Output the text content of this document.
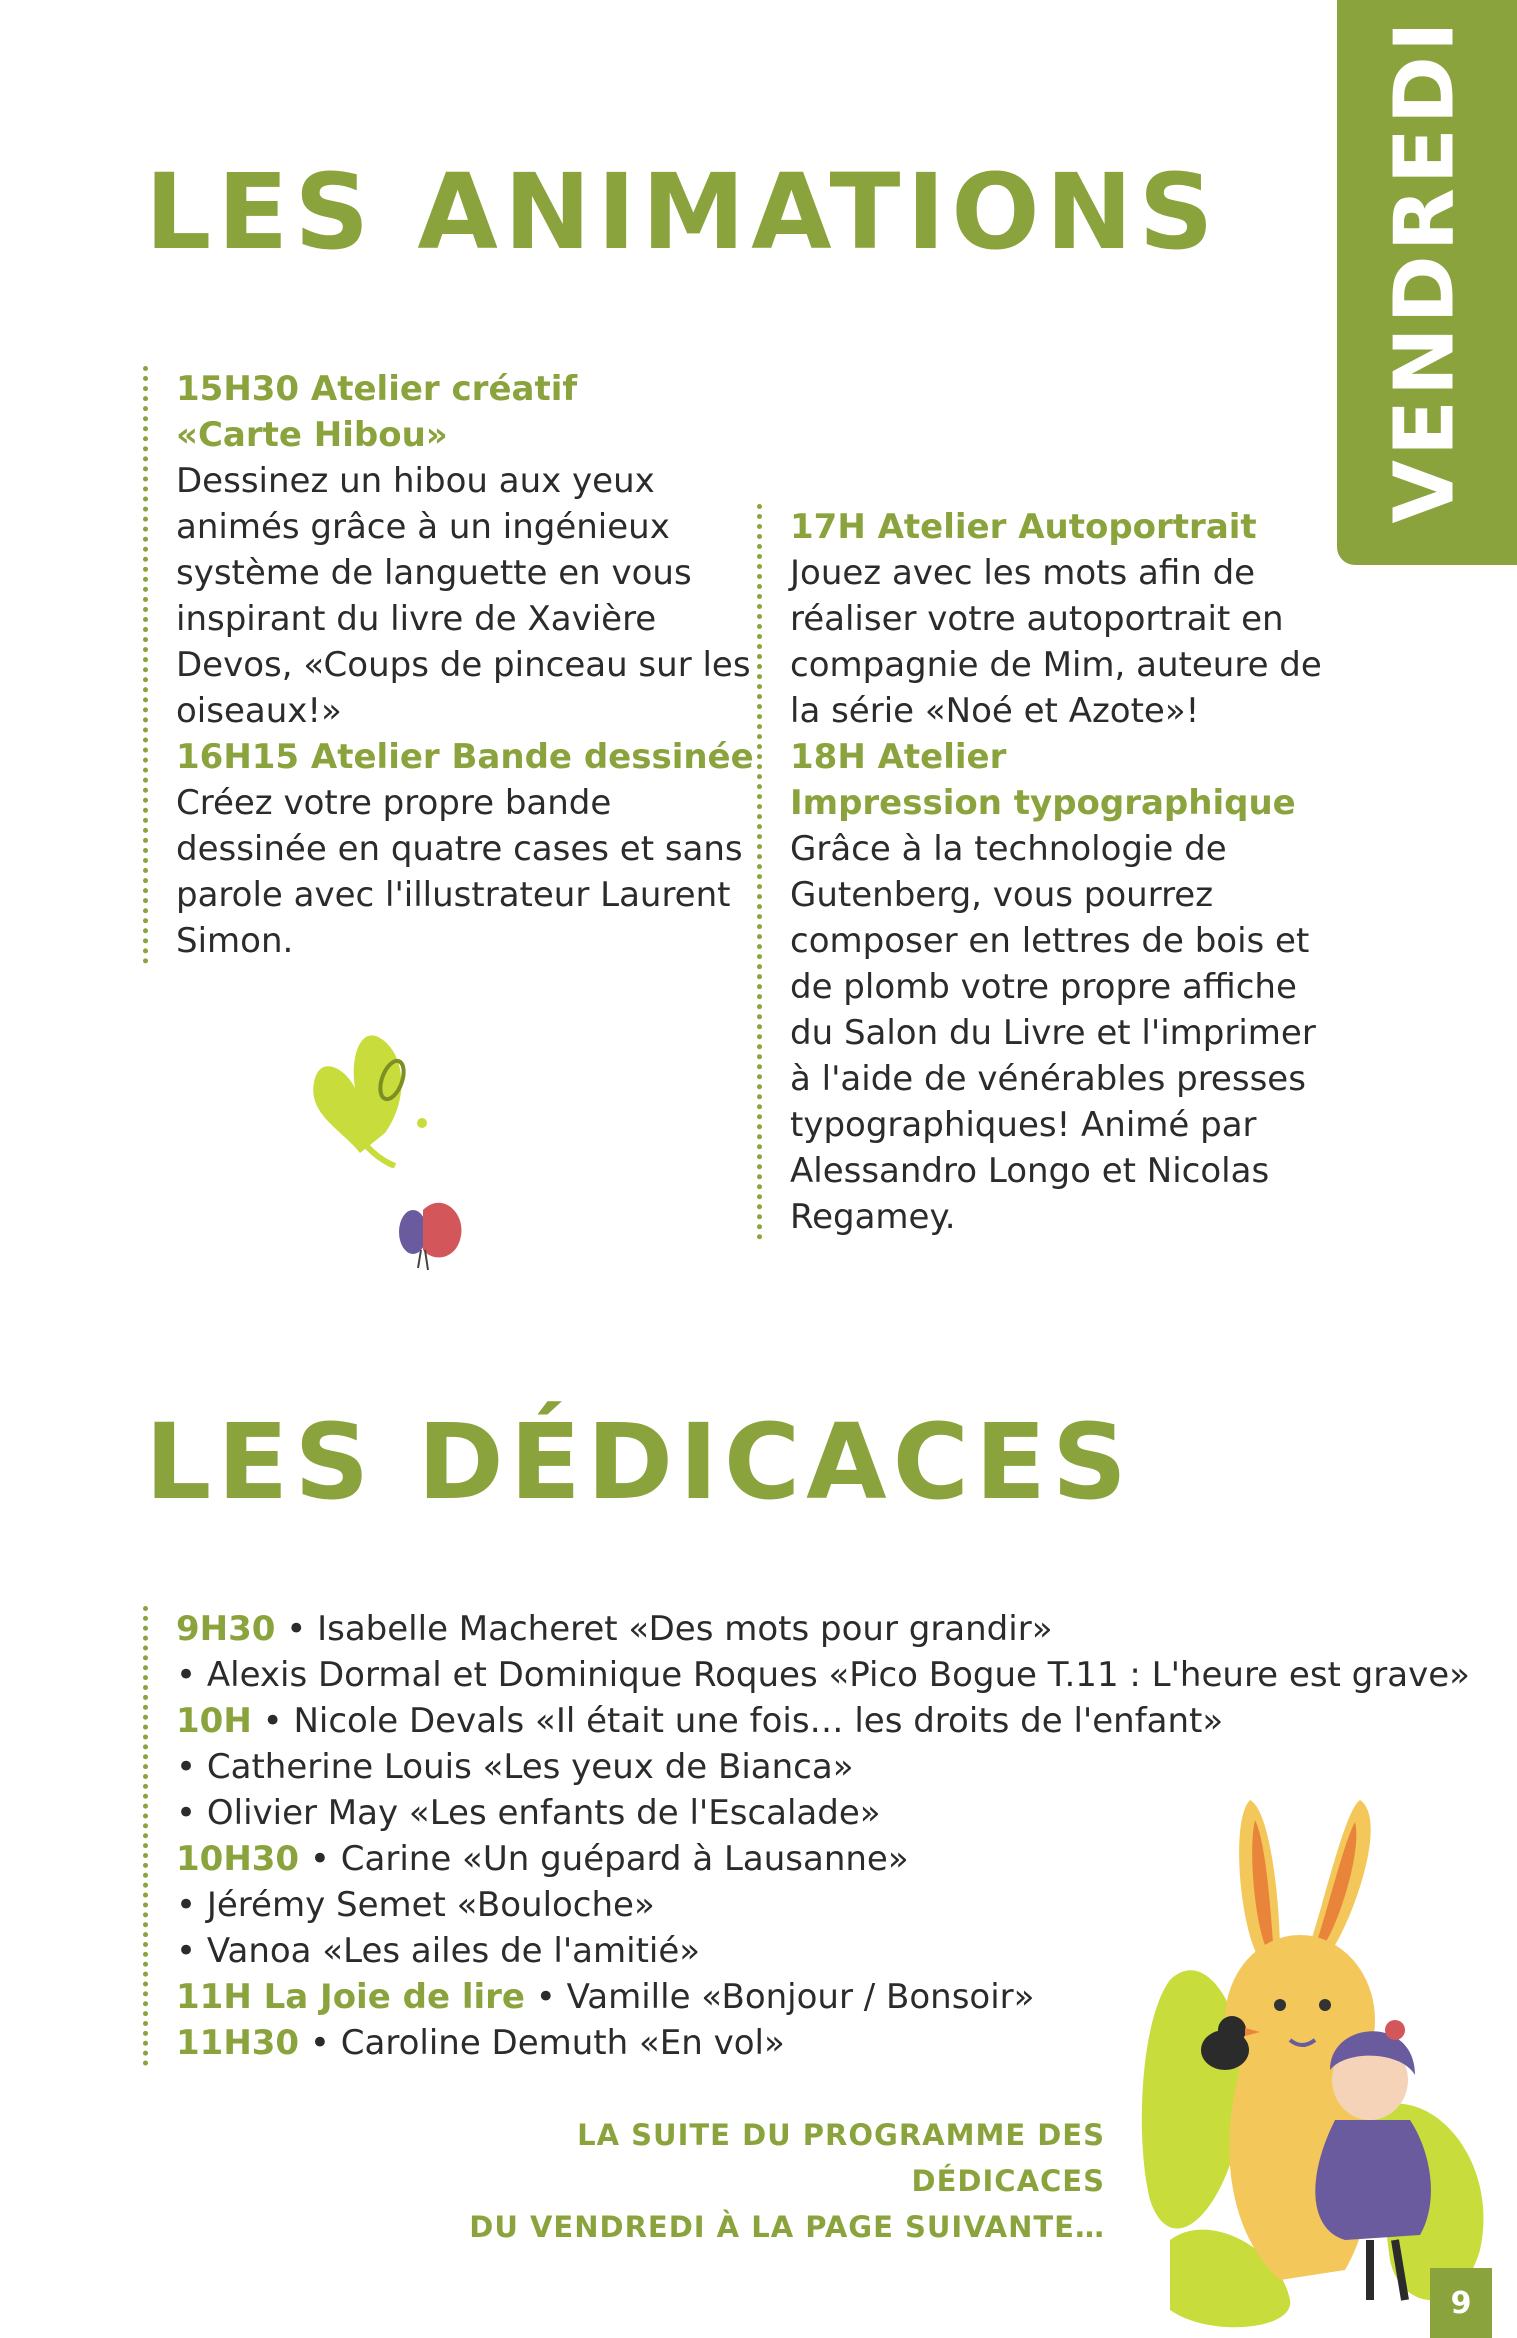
VENDREDI
LES ANIMATIONS

15H30 Atelier créatif

«Carte Hibou»

Dessinez un hibou aux yeux animés grâce à un ingénieux système de languette en vous inspirant du livre de Xavière Devos, «Coups de pinceau sur les oiseaux!»

16H15 Atelier Bande dessinée

Créez votre propre bande dessinée en quatre cases et sans parole avec l'illustrateur Laurent Simon.

17H Atelier Autoportrait

Jouez avec les mots afin de réaliser votre autoportrait en compagnie de Mim, auteure de la série «Noé et Azote»!

18H Atelier

Impression typographique

Grâce à la technologie de Gutenberg, vous pourrez composer en lettres de bois et de plomb votre propre affiche du Salon du Livre et l'imprimer à l'aide de vénérables presses typographiques! Animé par Alessandro Longo et Nicolas Regamey.

LES DÉDICACES

9H30 • Isabelle Macheret «Des mots pour grandir»

• Alexis Dormal et Dominique Roques «Pico Bogue T.11 : L'heure est grave»

10H • Nicole Devals «Il était une fois… les droits de l'enfant»

• Catherine Louis «Les yeux de Bianca»

• Olivier May «Les enfants de l'Escalade»

10H30 • Carine «Un guépard à Lausanne»

• Jérémy Semet «Bouloche»

• Vanoa «Les ailes de l'amitié»

11H La Joie de lire • Vamille «Bonjour / Bonsoir»

11H30 • Caroline Demuth «En vol»

LA SUITE DU PROGRAMME DES DÉDICACES
DU VENDREDI À LA PAGE SUIVANTE…
9
